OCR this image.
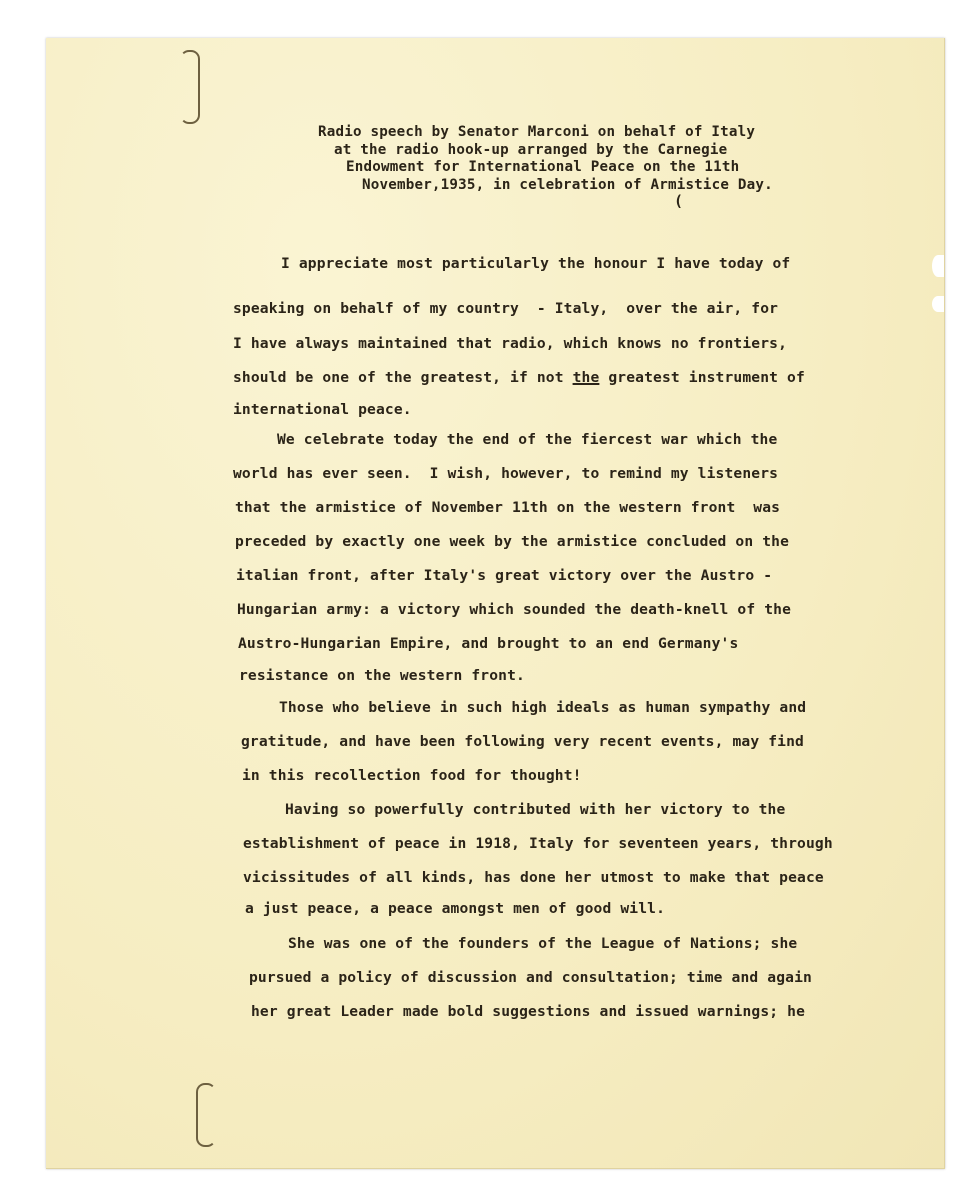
Radio speech by Senator Marconi on behalf of Italy
at the radio hook-up arranged by the Carnegie
Endowment for International Peace on the 11th
November,1935, in celebration of Armistice Day.
(
I appreciate most particularly the honour I have today of
speaking on behalf of my country  - Italy,  over the air, for
I have always maintained that radio, which knows no frontiers,
should be one of the greatest, if not the greatest instrument of
international peace.
We celebrate today the end of the fiercest war which the
world has ever seen.  I wish, however, to remind my listeners
that the armistice of November 11th on the western front  was
preceded by exactly one week by the armistice concluded on the
italian front, after Italy's great victory over the Austro -
Hungarian army: a victory which sounded the death-knell of the
Austro-Hungarian Empire, and brought to an end Germany's
resistance on the western front.
Those who believe in such high ideals as human sympathy and
gratitude, and have been following very recent events, may find
in this recollection food for thought!
Having so powerfully contributed with her victory to the
establishment of peace in 1918, Italy for seventeen years, through
vicissitudes of all kinds, has done her utmost to make that peace
a just peace, a peace amongst men of good will.
She was one of the founders of the League of Nations; she
pursued a policy of discussion and consultation; time and again
her great Leader made bold suggestions and issued warnings; he
